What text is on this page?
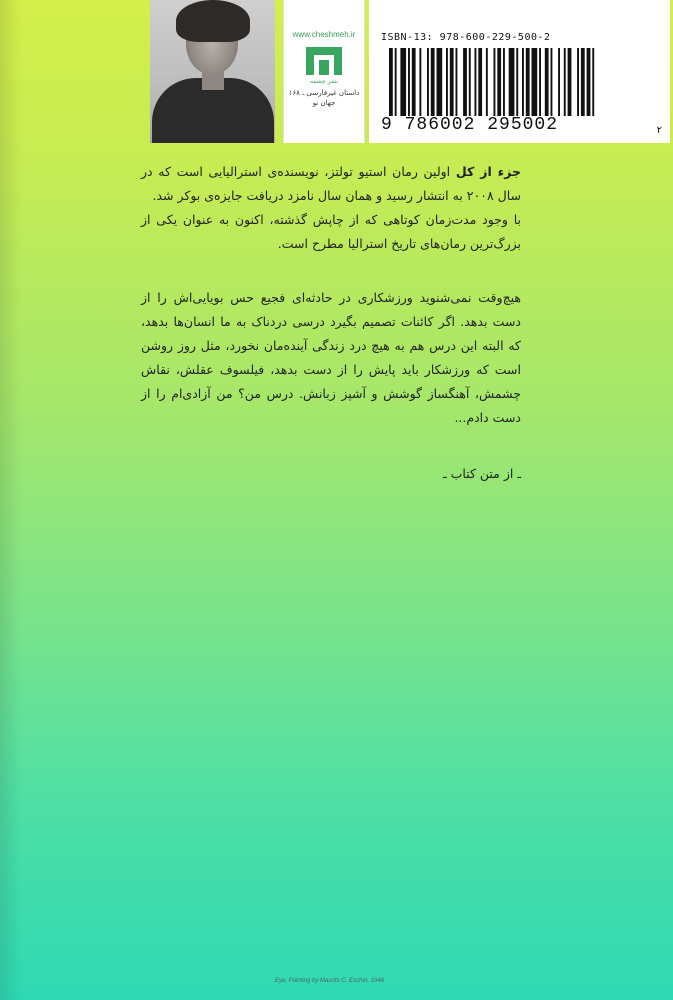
www.cheshmeh.ir
نشر چشمه
داستان غیرفارسی ـ ۱۶۸
جهان نو
ISBN-13: 978-600-229-500-2
9 786002 295002	۲
جزء از کل اولین رمان استیو تولتز، نویسنده‌ی استرالیایی است که در سال ۲۰۰۸ به انتشار رسید و همان سال نامزد دریافت جایزه‌ی بوکر شد.
با وجود مدت‌زمان کوتاهی که از چاپش گذشته، اکنون به عنوان یکی از بزرگ‌ترین رمان‌های تاریخ استرالیا مطرح است.
هیچ‌وقت نمی‌شنوید ورزشکاری در حادثه‌ای فجیع حس بویایی‌اش را از دست بدهد. اگر کائنات تصمیم بگیرد درسی دردناک به ما انسان‌ها بدهد، که البته این درس هم به هیچ درد زندگی آینده‌مان نخورد، مثل روز روشن است که ورزشکار باید پایش را از دست بدهد، فیلسوف عقلش، نقاش چشمش، آهنگساز گوشش و آشپز زبانش. درس من؟ من آزادی‌ام را از دست دادم...
ـ از متن کتاب ـ
Eye, Painting by Maurits C. Escher, 1946
